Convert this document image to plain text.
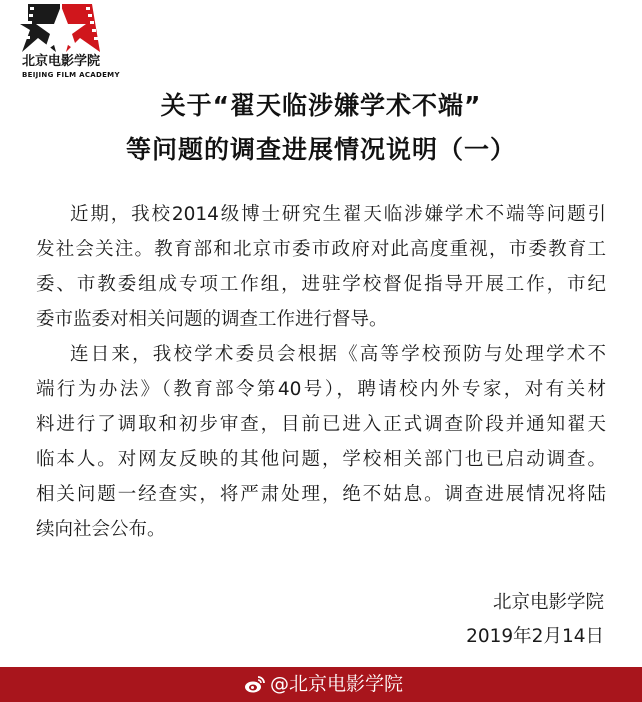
北京电影学院
BEIJING FILM ACADEMY
关于“翟天临涉嫌学术不端”
等问题的调查进展情况说明（一）
近期，我校2014级博士研究生翟天临涉嫌学术不端等问题引
发社会关注。教育部和北京市委市政府对此高度重视，市委教育工
委、市教委组成专项工作组，进驻学校督促指导开展工作，市纪
委市监委对相关问题的调查工作进行督导。
连日来，我校学术委员会根据《高等学校预防与处理学术不
端行为办法》（教育部令第40号），聘请校内外专家，对有关材
料进行了调取和初步审查，目前已进入正式调查阶段并通知翟天
临本人。对网友反映的其他问题，学校相关部门也已启动调查。
相关问题一经查实，将严肃处理，绝不姑息。调查进展情况将陆
续向社会公布。
北京电影学院
2019年2月14日
@北京电影学院
